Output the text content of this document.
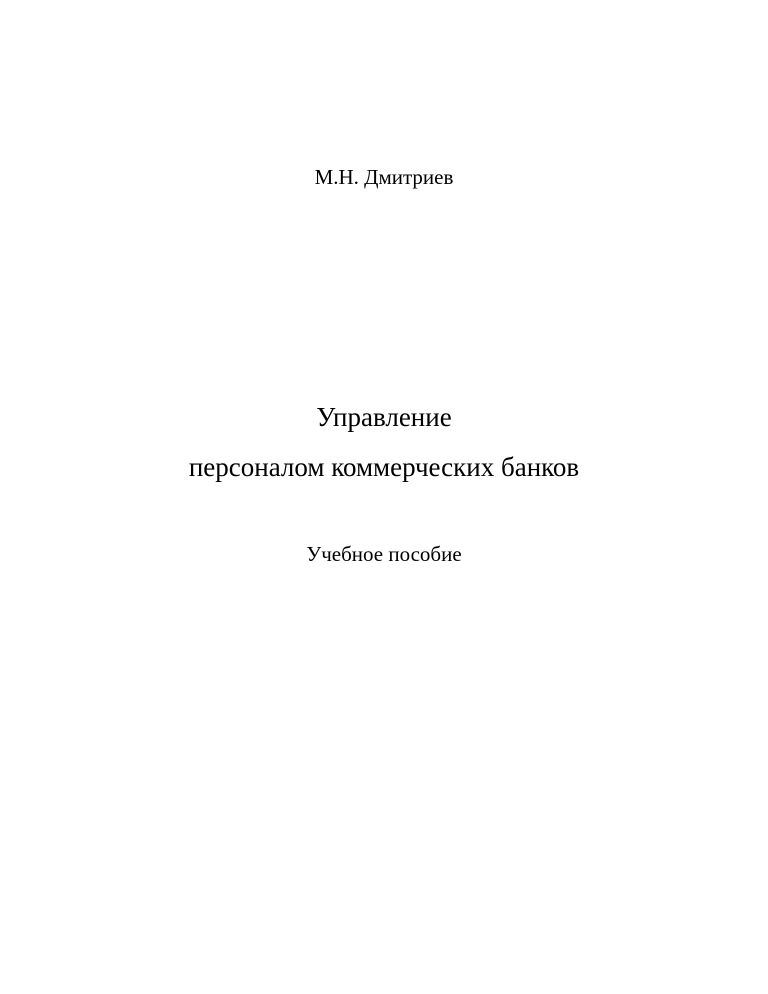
М.Н. Дмитриев
Управление
персоналом коммерческих банков
Учебное пособие
